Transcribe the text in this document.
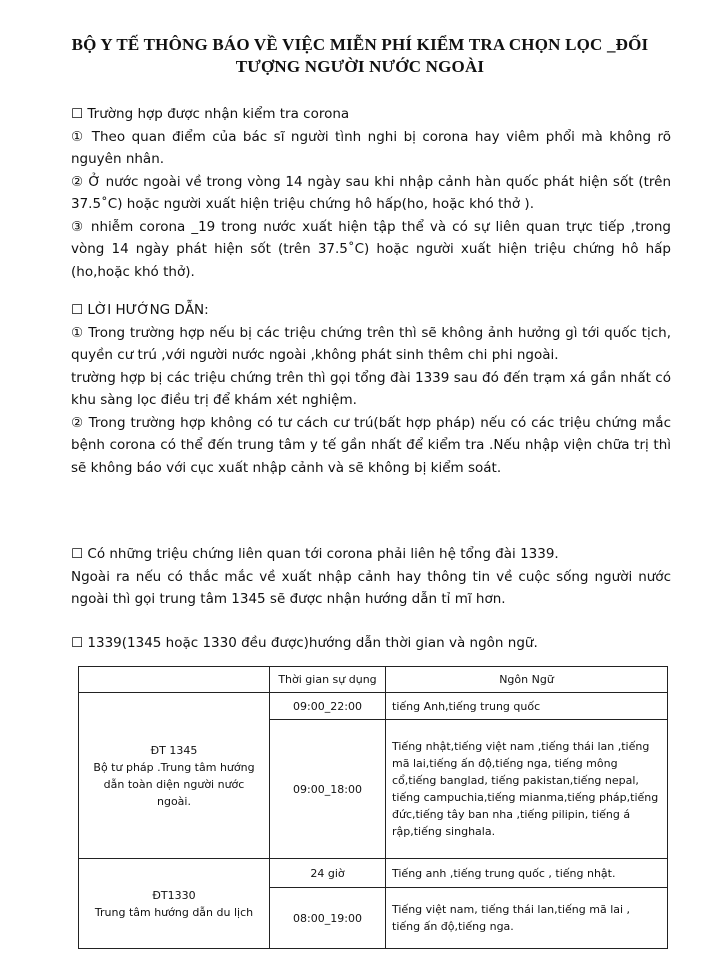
BỘ Y TẾ THÔNG BÁO VỀ VIỆC MIỄN PHÍ KIỂM TRA CHỌN LỌC _ĐỐI
TƯỢNG NGƯỜI NƯỚC NGOÀI

☐ Trường hợp được nhận kiểm tra corona

① Theo quan điểm của bác sĩ người tình nghi bị corona hay viêm phổi mà không rõ nguyên nhân.

② Ở nước ngoài về trong vòng 14 ngày sau khi nhập cảnh hàn quốc phát hiện sốt (trên 37.5˚C) hoặc người xuất hiện triệu chứng hô hấp(ho, hoặc khó thở ).

③ nhiễm corona _19 trong nước xuất hiện tập thể và có sự liên quan trực tiếp ,trong vòng 14 ngày phát hiện sốt (trên 37.5˚C) hoặc người xuất hiện triệu chứng hô hấp (ho,hoặc khó thở).

☐ LỜI HƯỚNG DẪN:

① Trong trường hợp nếu bị các triệu chứng trên thì sẽ không ảnh hưởng gì tới quốc tịch, quyền cư trú ,với người nước ngoài ,không phát sinh thêm chi phi ngoài.

trường hợp bị các triệu chứng trên thì gọi tổng đài 1339 sau đó đến trạm xá gần nhất có khu sàng lọc điều trị để khám xét nghiệm.

② Trong trường hợp không có tư cách cư trú(bất hợp pháp) nếu có các triệu chứng mắc bệnh corona có thể đến trung tâm y tế gần nhất để kiểm tra .Nếu nhập viện chữa trị thì sẽ không báo với cục xuất nhập cảnh và sẽ không bị kiểm soát.

☐ Có những triệu chứng liên quan tới corona phải liên hệ tổng đài 1339.

Ngoài ra nếu có thắc mắc về xuất nhập cảnh hay thông tin về cuộc sống người nước ngoài thì gọi trung tâm 1345 sẽ được nhận hướng dẫn tỉ mĩ hơn.

☐ 1339(1345 hoặc 1330 đều được)hướng dẫn thời gian và ngôn ngữ.

	Thời gian sự dụng	Ngôn Ngữ

ĐT 1345
Bộ tư pháp .Trung tâm hướng dẫn toàn diện người nước ngoài.	09:00_22:00	tiếng Anh,tiếng trung quốc
	09:00_18:00	Tiếng nhật,tiếng việt nam ,tiếng thái lan ,tiếng mã lai,tiếng ấn độ,tiếng nga, tiếng mông cổ,tiếng banglad, tiếng pakistan,tiếng nepal, tiếng campuchia,tiếng mianma,tiếng pháp,tiếng đức,tiếng tây ban nha ,tiếng pilipin, tiếng á rập,tiếng singhala.

ĐT1330
Trung tâm hướng dẫn du lịch	24 giờ	Tiếng anh ,tiếng trung quốc , tiếng nhật.
	08:00_19:00	Tiếng việt nam, tiếng thái lan,tiếng mã lai , tiếng ấn độ,tiếng nga.
